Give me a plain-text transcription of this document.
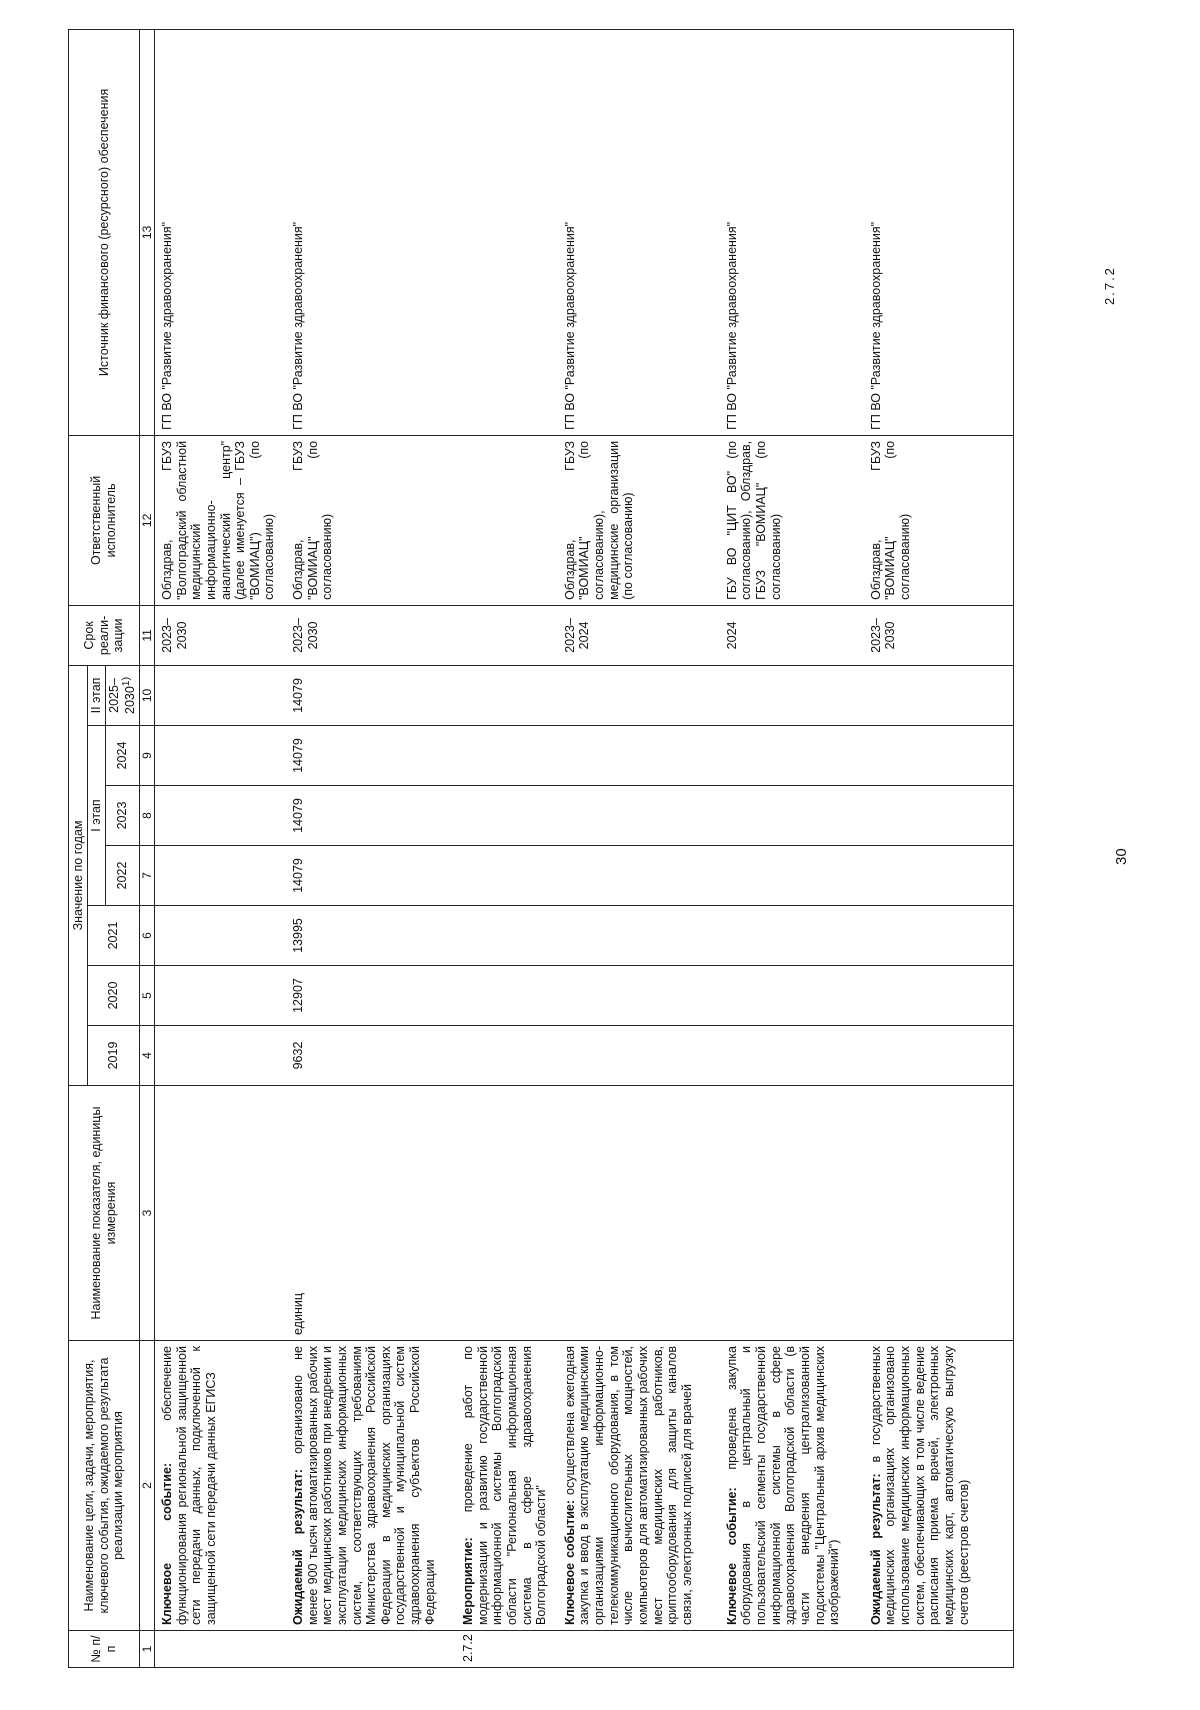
30
2.7.2
№ п/п	Наименование цели, задачи, мероприятия, ключевого события, ожидаемого результата реализации мероприятия	Наименование показателя, единицы измерения	Значение по годам							Срок реали-зации	Ответственный исполнитель	Источник финансового (ресурсного) обеспечения
			2019	2020	2021	I этап			II этап			
						2022	2023	2024	2025–2030$^{1)}$
1	2	3	4	5	6	7	8	9	10	11	12	13
	Ключевое событие: обеспечение функционирования региональной защищенной сети передачи данных, подключенной к защищенной сети передачи данных ЕГИСЗ									2023–2030	Облздрав, ГБУЗ "Волгоградский областной медицинский информационно-аналитический центр" (далее именуется – ГБУЗ "ВОМИАЦ") (по согласованию)	ГП ВО "Развитие здравоохранения"
	Ожидаемый результат: организовано не менее 900 тысяч автоматизированных рабочих мест медицинских работников при внедрении и эксплуатации медицинских информационных систем, соответствующих требованиям Министерства здравоохранения Российской Федерации в медицинских организациях государственной и муниципальной систем здравоохранения субъектов Российской Федерации	единиц	9632	12907	13995	14079	14079	14079	14079	2023–2030	Облздрав, ГБУЗ "ВОМИАЦ" (по согласованию)	ГП ВО "Развитие здравоохранения"
2.7.2	Мероприятие: проведение работ по модернизации и развитию государственной информационной системы Волгоградской области "Региональная информационная система в сфере здравоохранения Волгоградской области"											
	Ключевое событие: осуществлена ежегодная закупка и ввод в эксплуатацию медицинскими организациями информационно-телекоммуникационного оборудования, в том числе вычислительных мощностей, компьютеров для автоматизированных рабочих мест медицинских работников, криптооборудования для защиты каналов связи, электронных подписей для врачей									2023–2024	Облздрав, ГБУЗ "ВОМИАЦ" (по согласованию), медицинские организации (по согласованию)	ГП ВО "Развитие здравоохранения"
	Ключевое событие: проведена закупка оборудования в центральный и пользовательский сегменты государственной информационной системы в сфере здравоохранения Волгоградской области (в части внедрения централизованной подсистемы "Центральный архив медицинских изображений")									2024	ГБУ ВО "ЦИТ ВО" (по согласованию), Облздрав, ГБУЗ "ВОМИАЦ" (по согласованию)	ГП ВО "Развитие здравоохранения"
	Ожидаемый результат: в государственных медицинских организациях организовано использование медицинских информационных систем, обеспечивающих в том числе ведение расписания приема врачей, электронных медицинских карт, автоматическую выгрузку счетов (реестров счетов)									2023–2030	Облздрав, ГБУЗ "ВОМИАЦ" (по согласованию)	ГП ВО "Развитие здравоохранения"
